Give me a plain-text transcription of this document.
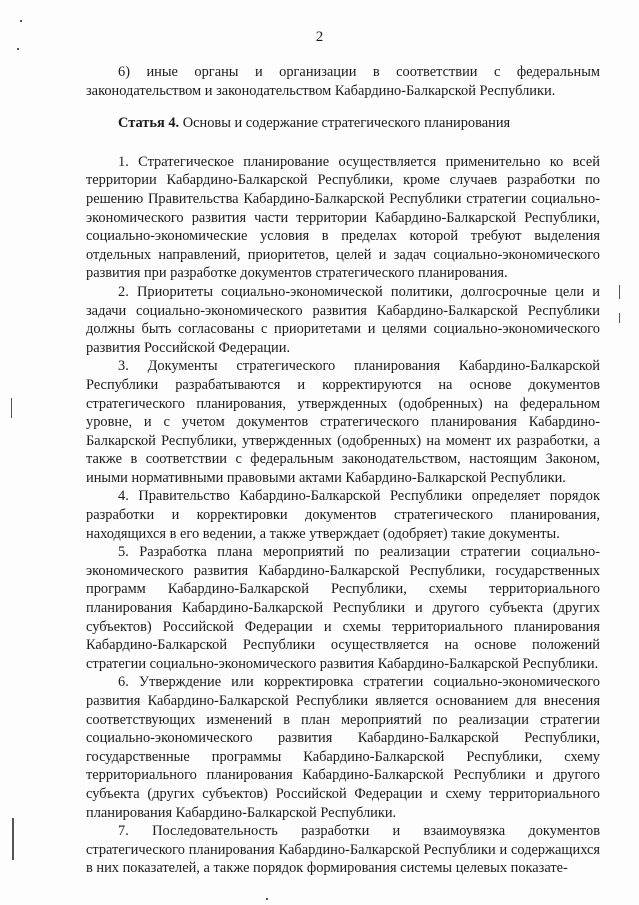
2

6) иные органы и организации в соответствии с федеральным законодательством и законодательством Кабардино-Балкарской Республики.

Статья 4. Основы и содержание стратегического планирования

1. Стратегическое планирование осуществляется применительно ко всей территории Кабардино-Балкарской Республики, кроме случаев разработки по решению Правительства Кабардино-Балкарской Республики стратегии социально-экономического развития части территории Кабардино-Балкарской Республики, социально-экономические условия в пределах которой требуют выделения отдельных направлений, приоритетов, целей и задач социально-экономического развития при разработке документов стратегического планирования.

2. Приоритеты социально-экономической политики, долгосрочные цели и задачи социально-экономического развития Кабардино-Балкарской Республики должны быть согласованы с приоритетами и целями социально-экономического развития Российской Федерации.

3. Документы стратегического планирования Кабардино-Балкарской Республики разрабатываются и корректируются на основе документов стратегического планирования, утвержденных (одобренных) на федеральном уровне, и с учетом документов стратегического планирования Кабардино-Балкарской Республики, утвержденных (одобренных) на момент их разработки, а также в соответствии с федеральным законодательством, настоящим Законом, иными нормативными правовыми актами Кабардино-Балкарской Республики.

4. Правительство Кабардино-Балкарской Республики определяет порядок разработки и корректировки документов стратегического планирования, находящихся в его ведении, а также утверждает (одобряет) такие документы.

5. Разработка плана мероприятий по реализации стратегии социально-экономического развития Кабардино-Балкарской Республики, государственных программ Кабардино-Балкарской Республики, схемы территориального планирования Кабардино-Балкарской Республики и другого субъекта (других субъектов) Российской Федерации и схемы территориального планирования Кабардино-Балкарской Республики осуществляется на основе положений стратегии социально-экономического развития Кабардино-Балкарской Республики.

6. Утверждение или корректировка стратегии социально-экономического развития Кабардино-Балкарской Республики является основанием для внесения соответствующих изменений в план мероприятий по реализации стратегии социально-экономического развития Кабардино-Балкарской Республики, государственные программы Кабардино-Балкарской Республики, схему территориального планирования Кабардино-Балкарской Республики и другого субъекта (других субъектов) Российской Федерации и схему территориального планирования Кабардино-Балкарской Республики.

7. Последовательность разработки и взаимоувязка документов стратегического планирования Кабардино-Балкарской Республики и содержащихся в них показателей, а также порядок формирования системы целевых показате-
